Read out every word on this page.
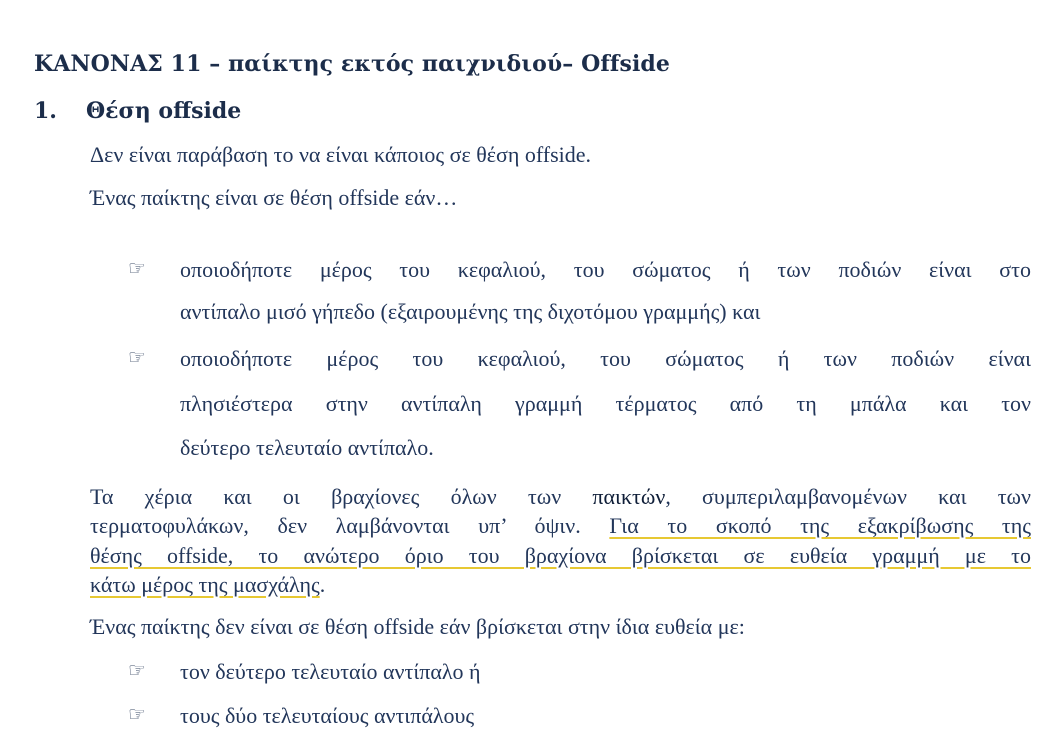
ΚΑΝΟΝΑΣ 11 – παίκτης εκτός παιχνιδιού– Offside
1. Θέση offside
Δεν είναι παράβαση το να είναι κάποιος σε θέση offside.
Ένας παίκτης είναι σε θέση offside εάν…
☞ οποιοδήποτε μέρος του κεφαλιού, του σώματος ή των ποδιών είναι στο
αντίπαλο μισό γήπεδο (εξαιρουμένης της διχοτόμου γραμμής) και
☞ οποιοδήποτε μέρος του κεφαλιού, του σώματος ή των ποδιών είναι
πλησιέστερα στην αντίπαλη γραμμή τέρματος από τη μπάλα και τον
δεύτερο τελευταίο αντίπαλο.
Τα χέρια και οι βραχίονες όλων των παικτών, συμπεριλαμβανομένων και των
τερματοφυλάκων, δεν λαμβάνονται υπ’ όψιν. Για το σκοπό της εξακρίβωσης της
θέσης offside, το ανώτερο όριο του βραχίονα βρίσκεται σε ευθεία γραμμή με το
κάτω μέρος της μασχάλης.
Ένας παίκτης δεν είναι σε θέση offside εάν βρίσκεται στην ίδια ευθεία με:
☞ τον δεύτερο τελευταίο αντίπαλο ή
☞ τους δύο τελευταίους αντιπάλους
